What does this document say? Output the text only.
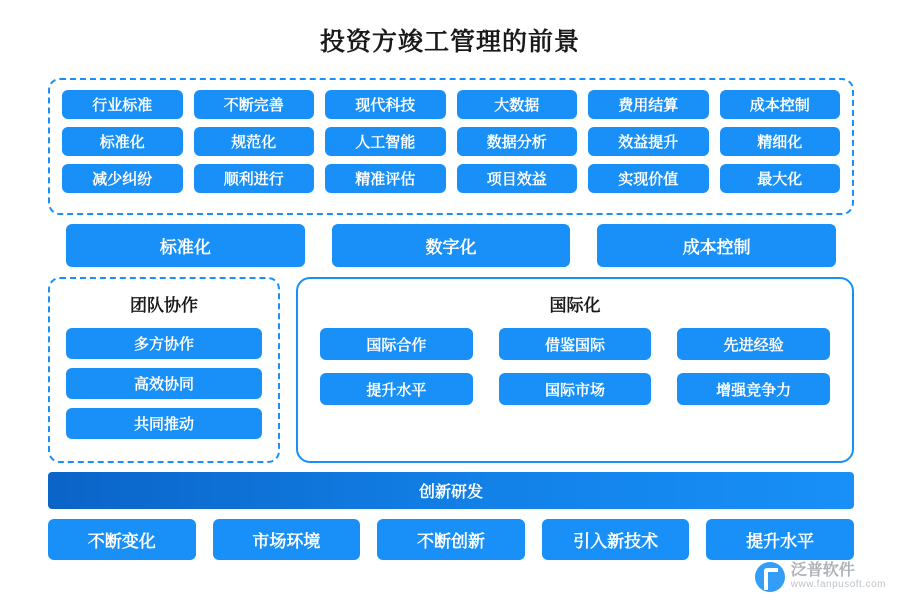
投资方竣工管理的前景
行业标准	不断完善	现代科技	大数据	费用结算	成本控制
标准化	规范化	人工智能	数据分析	效益提升	精细化
减少纠纷	顺利进行	精准评估	项目效益	实现价值	最大化
标准化	数字化	成本控制
团队协作
多方协作
高效协同
共同推动
国际化
国际合作	借鉴国际	先进经验
提升水平	国际市场	增强竞争力
创新研发
不断变化	市场环境	不断创新	引入新技术	提升水平
泛普软件
www.fanpusoft.com
